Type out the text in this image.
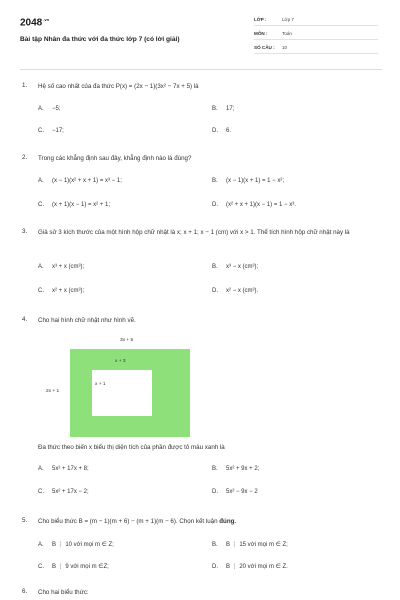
$2048^{.vn}$
Bài tập Nhân đa thức với đa thức lớp 7 (có lời giải)
LỚP :	Lớp 7
MÔN :	Toán
SỐ CÂU : 10
1. Hệ số cao nhất của đa thức P(x) = (2x − 1)(3x² − 7x + 5) là
A. −5;	B. 17;
C. −17;	D. 6.
2. Trong các khẳng định sau đây, khẳng định nào là đúng?
A. (x − 1)(x² + x + 1) = x³ − 1;	B. (x − 1)(x + 1) = 1 − x²;
C. (x + 1)(x − 1) = x² + 1;	D. (x² + x + 1)(x − 1) = 1 − x³.
3. Giả sử 3 kích thước của một hình hộp chữ nhật là x; x + 1; x − 1 (cm) với x > 1. Thể tích hình hộp chữ nhật này là
A. x³ + x (cm³);	B. x³ − x (cm³);
C. x² + x (cm³);	D. x² − x (cm³).
4. Cho hai hình chữ nhật như hình vẽ.
3x + 5
x + 3
2x + 1
x + 1
Đa thức theo biến x biểu thị diện tích của phần được tô màu xanh là
A. 5x² + 17x + 8;	B. 5x² + 9x + 2;
C. 5x² + 17x − 2;	D. 5x² − 9x − 2
5. Cho biểu thức B = (m − 1)(m + 6) − (m + 1)(m − 6). Chọn kết luận đúng.
A. B ⋮ 10 với mọi m ∈ Z;	B. B ⋮ 15 với mọi m ∈ Z;
C. B ⋮ 9 với mọi m ∈Z;	D. B ⋮ 20 với mọi m ∈ Z.
6. Cho hai biểu thức:
